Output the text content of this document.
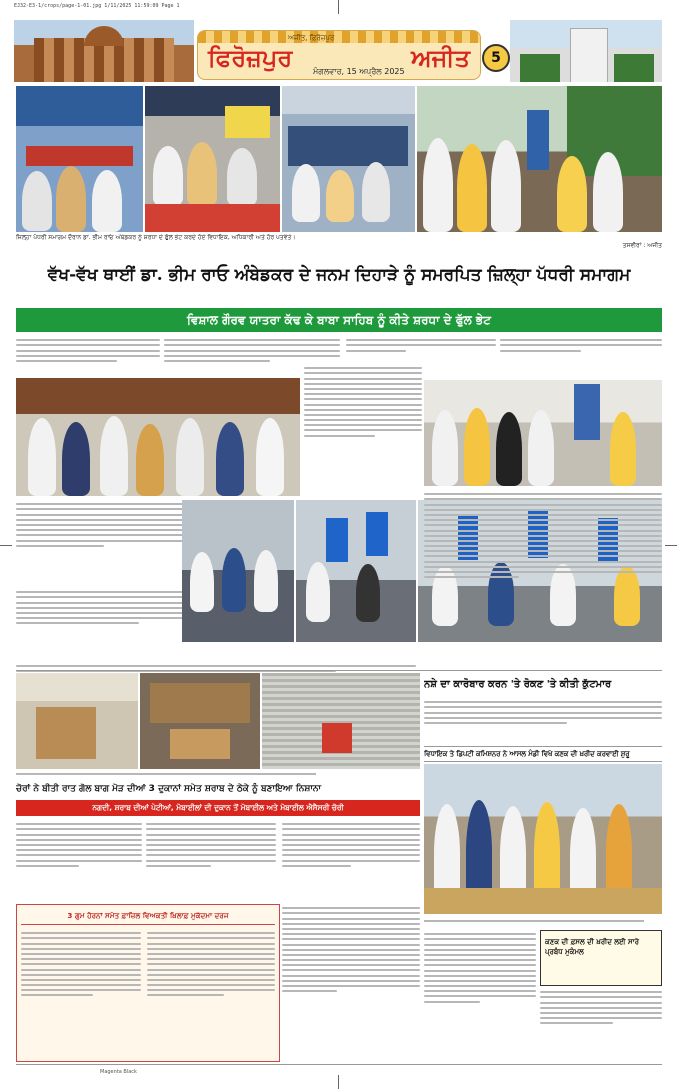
EJ32-E3-1/crops/page-1-01.jpg 1/11/2025 11:59:09 Page 1
ਅਜੀਤ, ਫ਼ਿਰੋਜ਼ਪੁਰ
ਫਿਰੋਜ਼ਪੁਰ	ਅਜੀਤ
ਮੰਗਲਵਾਰ, 15 ਅਪ੍ਰੈਲ 2025
5
ਜ਼ਿਲ੍ਹਾ ਪੱਧਰੀ ਸਮਾਗਮ ਦੌਰਾਨ ਡਾ. ਭੀਮ ਰਾਓ ਅੰਬੇਡਕਰ ਨੂੰ ਸ਼ਰਧਾ ਦੇ ਫੁੱਲ ਭੇਟ ਕਰਦੇ ਹੋਏ ਵਿਧਾਇਕ, ਅਧਿਕਾਰੀ ਅਤੇ ਹੋਰ ਪਤਵੰਤੇ।
ਤਸਵੀਰਾਂ : ਅਜੀਤ
ਵੱਖ-ਵੱਖ ਥਾਈਂ ਡਾ. ਭੀਮ ਰਾਓ ਅੰਬੇਡਕਰ ਦੇ ਜਨਮ ਦਿਹਾੜੇ ਨੂੰ ਸਮਰਪਿਤ ਜ਼ਿਲ੍ਹਾ ਪੱਧਰੀ ਸਮਾਗਮ
ਵਿਸ਼ਾਲ ਗੌਰਵ ਯਾਤਰਾ ਕੱਢ ਕੇ ਬਾਬਾ ਸਾਹਿਬ ਨੂੰ ਕੀਤੇ ਸ਼ਰਧਾ ਦੇ ਫੁੱਲ ਭੇਟ
ਨਸ਼ੇ ਦਾ ਕਾਰੋਬਾਰ ਕਰਨ 'ਤੇ ਰੋਕਣ 'ਤੇ ਕੀਤੀ ਕੁੱਟਮਾਰ
ਵਿਧਾਇਕ ਤੇ ਡਿਪਟੀ ਕਮਿਸ਼ਨਰ ਨੇ ਆਸਲ ਮੰਡੀ ਵਿਖੇ ਕਣਕ ਦੀ ਖ਼ਰੀਦ ਕਰਵਾਈ ਸ਼ੁਰੂ
ਚੋਰਾਂ ਨੇ ਬੀਤੀ ਰਾਤ ਗੋਲ ਬਾਗ ਮੋੜ ਦੀਆਂ 3 ਦੁਕਾਨਾਂ ਸਮੇਤ ਸ਼ਰਾਬ ਦੇ ਠੇਕੇ ਨੂੰ ਬਣਾਇਆ ਨਿਸ਼ਾਨਾ
ਨਗਦੀ, ਸ਼ਰਾਬ ਦੀਆਂ ਪੇਟੀਆਂ, ਮੋਬਾਈਲਾਂ ਦੀ ਦੁਕਾਨ ਤੋਂ ਮੋਬਾਈਲ ਅਤੇ ਮੋਬਾਈਲ ਐਸੈਸਰੀ ਚੋਰੀ
3 ਗੁਮ ਹੋਰਨਾਂ ਸਮੇਤ ਫ਼ਾਜ਼ਿਲ ਵਿਅਕਤੀ ਖ਼ਿਲਾਫ਼ ਮੁਕੱਦਮਾ ਦਰਜ
ਕਣਕ ਦੀ ਫ਼ਸਲ ਦੀ ਖ਼ਰੀਦ ਲਈ ਸਾਰੇ ਪ੍ਰਬੰਧ ਮੁਕੰਮਲ
Magenta Black
